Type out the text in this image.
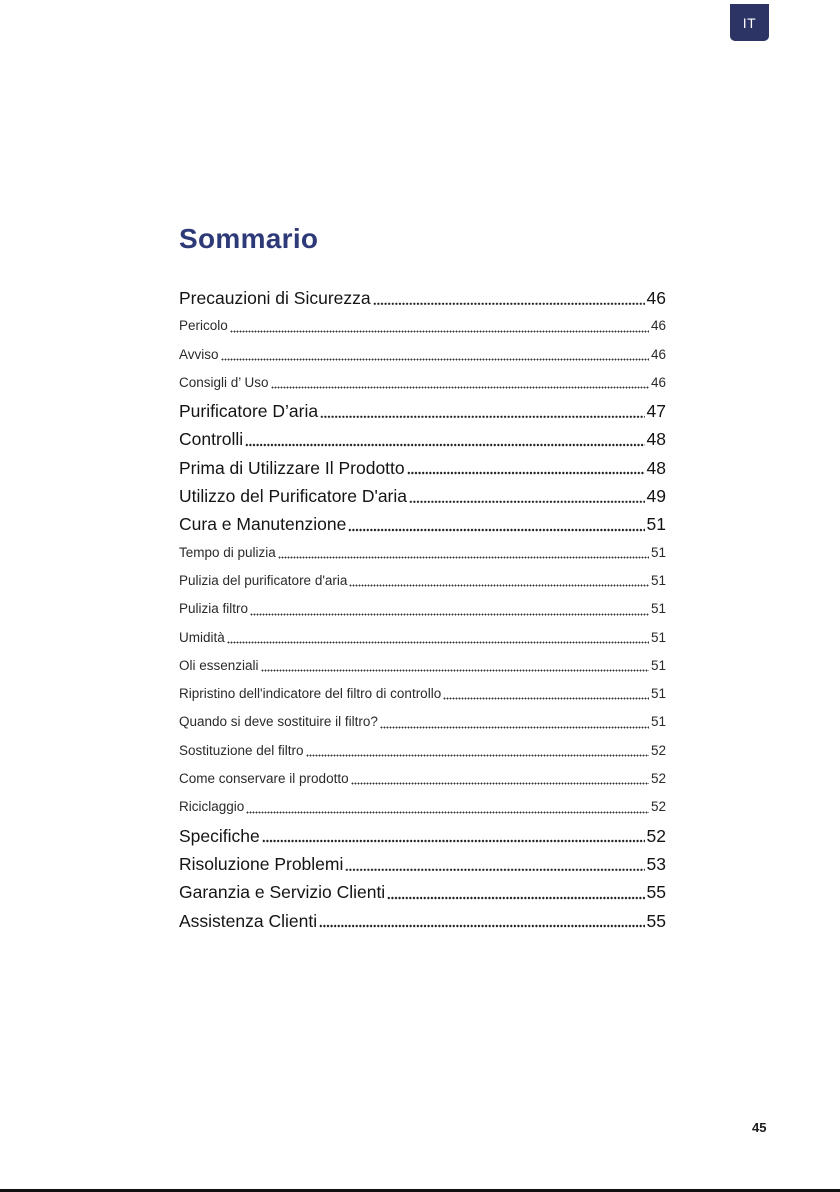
IT
Sommario
Precauzioni di Sicurezza	46
Pericolo	46
Avviso	46
Consigli d’ Uso	46
Purificatore D’aria	47
Controlli	48
Prima di Utilizzare Il Prodotto	48
Utilizzo del Purificatore D'aria	49
Cura e Manutenzione	51
Tempo di pulizia	51
Pulizia del purificatore d'aria	51
Pulizia filtro	51
Umidità	51
Oli essenziali	51
Ripristino dell'indicatore del filtro di controllo	51
Quando si deve sostituire il filtro?	51
Sostituzione del filtro	52
Come conservare il prodotto	52
Riciclaggio	52
Specifiche	52
Risoluzione Problemi	53
Garanzia e Servizio Clienti	55
Assistenza Clienti	55
45
